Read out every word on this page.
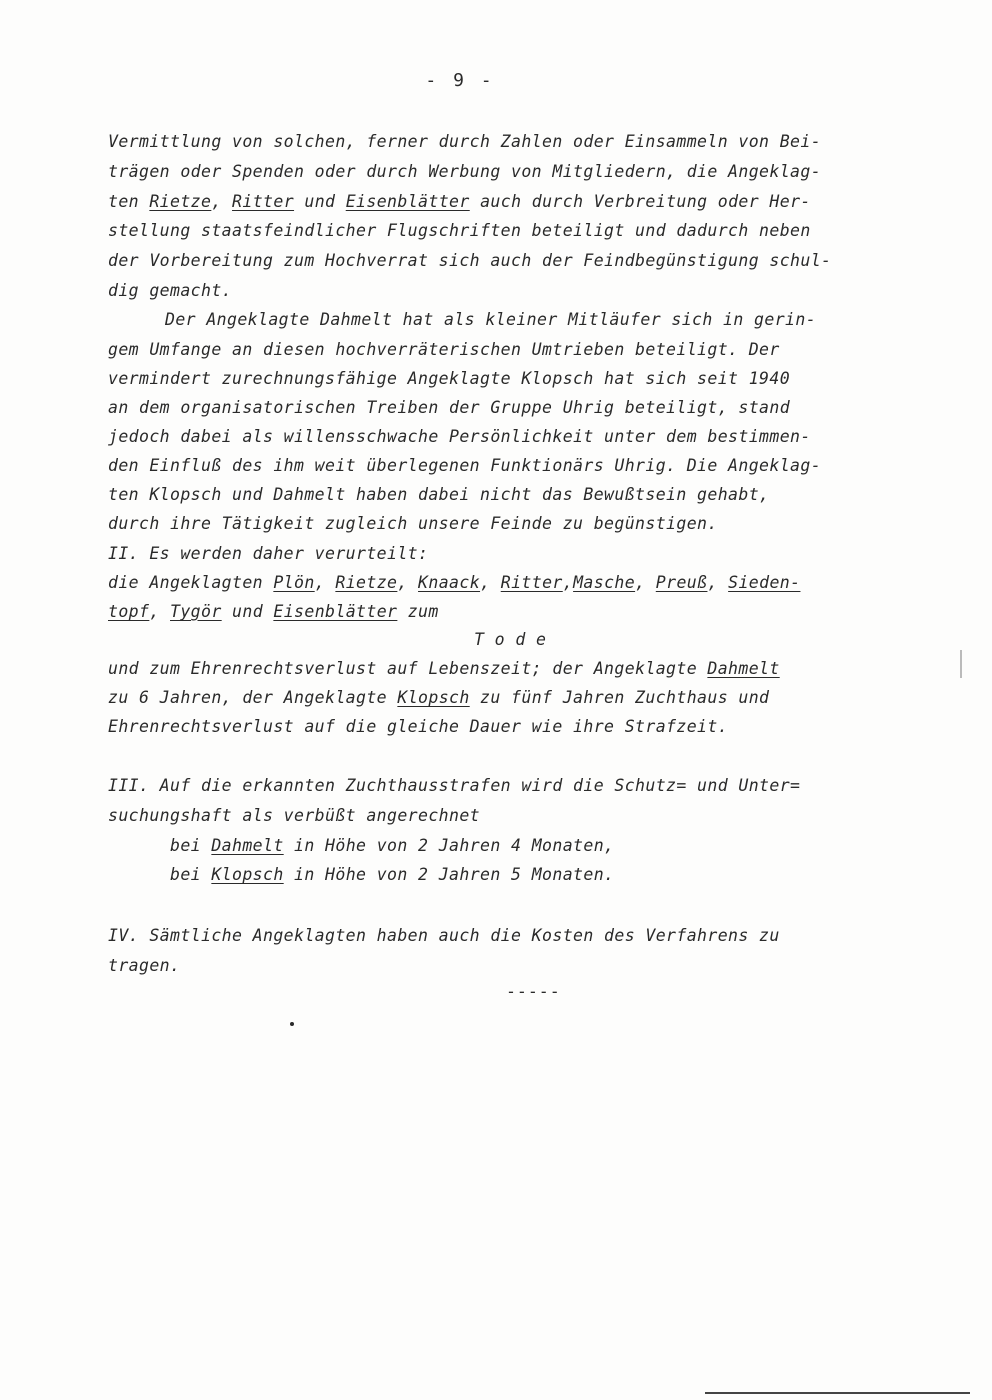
- 9 -
Vermittlung von solchen, ferner durch Zahlen oder Einsammeln von Bei-
trägen oder Spenden oder durch Werbung von Mitgliedern, die Angeklag-
ten Rietze, Ritter und Eisenblätter auch durch Verbreitung oder Her-
stellung staatsfeindlicher Flugschriften beteiligt und dadurch neben
der Vorbereitung zum Hochverrat sich auch der Feindbegünstigung schul-
dig gemacht.
Der Angeklagte Dahmelt hat als kleiner Mitläufer sich in gerin-
gem Umfange an diesen hochverräterischen Umtrieben beteiligt. Der
vermindert zurechnungsfähige Angeklagte Klopsch hat sich seit 1940
an dem organisatorischen Treiben der Gruppe Uhrig beteiligt, stand
jedoch dabei als willensschwache Persönlichkeit unter dem bestimmen-
den Einfluß des ihm weit überlegenen Funktionärs Uhrig. Die Angeklag-
ten Klopsch und Dahmelt haben dabei nicht das Bewußtsein gehabt,
durch ihre Tätigkeit zugleich unsere Feinde zu begünstigen.
II. Es werden daher verurteilt:
die Angeklagten Plön, Rietze, Knaack, Ritter,Masche, Preuß, Sieden-
topf, Tygör und Eisenblätter zum
T o d e
und zum Ehrenrechtsverlust auf Lebenszeit; der Angeklagte Dahmelt
zu 6 Jahren, der Angeklagte Klopsch zu fünf Jahren Zuchthaus und
Ehrenrechtsverlust auf die gleiche Dauer wie ihre Strafzeit.
III. Auf die erkannten Zuchthausstrafen wird die Schutz= und Unter=
suchungshaft als verbüßt angerechnet
bei Dahmelt in Höhe von 2 Jahren 4 Monaten,
bei Klopsch in Höhe von 2 Jahren 5 Monaten.
IV. Sämtliche Angeklagten haben auch die Kosten des Verfahrens zu
tragen.
-----
